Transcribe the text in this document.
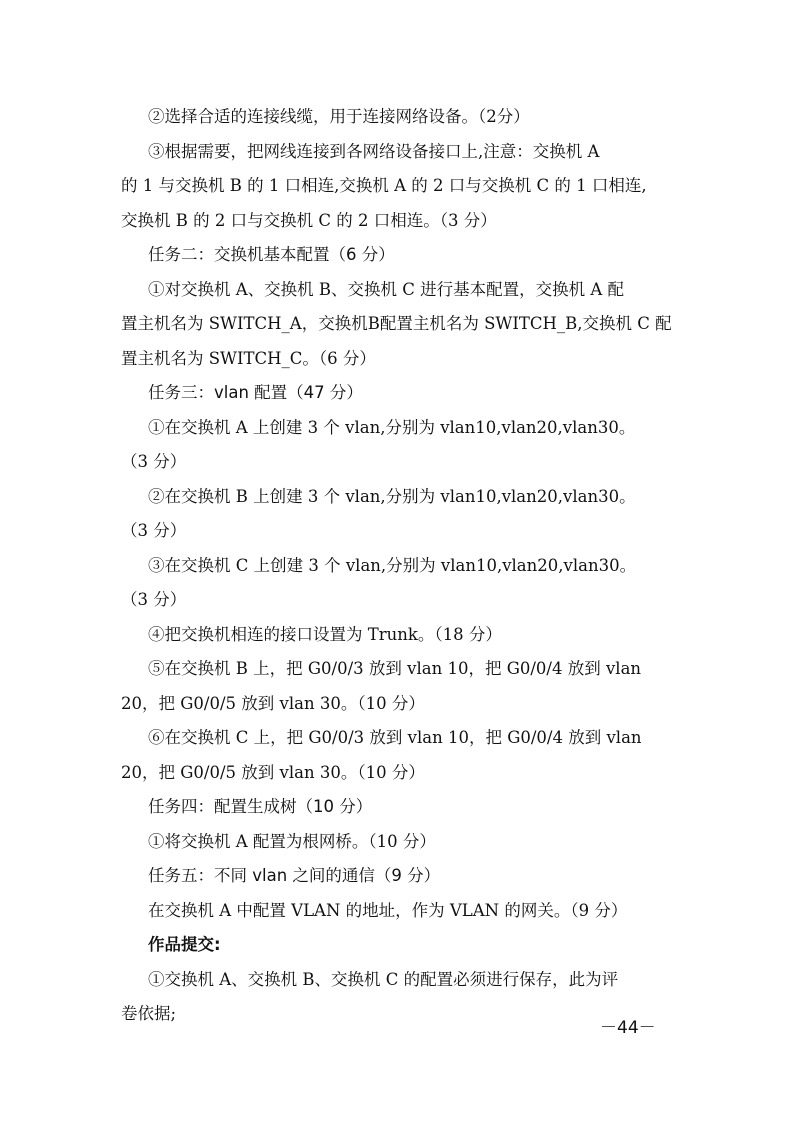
②选择合适的连接线缆，用于连接网络设备。（2分）
③根据需要，把网线连接到各网络设备接口上,注意：交换机 A
的 1 与交换机 B 的 1 口相连,交换机 A 的 2 口与交换机 C 的 1 口相连,
交换机 B 的 2 口与交换机 C 的 2 口相连。（3 分）
任务二：交换机基本配置（6 分）
①对交换机 A、交换机 B、交换机 C 进行基本配置，交换机 A 配
置主机名为 SWITCH_A，交换机B配置主机名为 SWITCH_B,交换机 C 配
置主机名为 SWITCH_C。（6 分）
任务三：vlan 配置（47 分）
①在交换机 A 上创建 3 个 vlan,分别为 vlan10,vlan20,vlan30。
（3 分）
②在交换机 B 上创建 3 个 vlan,分别为 vlan10,vlan20,vlan30。
（3 分）
③在交换机 C 上创建 3 个 vlan,分别为 vlan10,vlan20,vlan30。
（3 分）
④把交换机相连的接口设置为 Trunk。（18 分）
⑤在交换机 B 上，把 G0/0/3 放到 vlan 10，把 G0/0/4 放到 vlan
20，把 G0/0/5 放到 vlan 30。（10 分）
⑥在交换机 C 上，把 G0/0/3 放到 vlan 10，把 G0/0/4 放到 vlan
20，把 G0/0/5 放到 vlan 30。（10 分）
任务四：配置生成树（10 分）
①将交换机 A 配置为根网桥。（10 分）
任务五：不同 vlan 之间的通信（9 分）
在交换机 A 中配置 VLAN 的地址，作为 VLAN 的网关。（9 分）
作品提交:
①交换机 A、交换机 B、交换机 C 的配置必须进行保存，此为评
卷依据;
－44－
